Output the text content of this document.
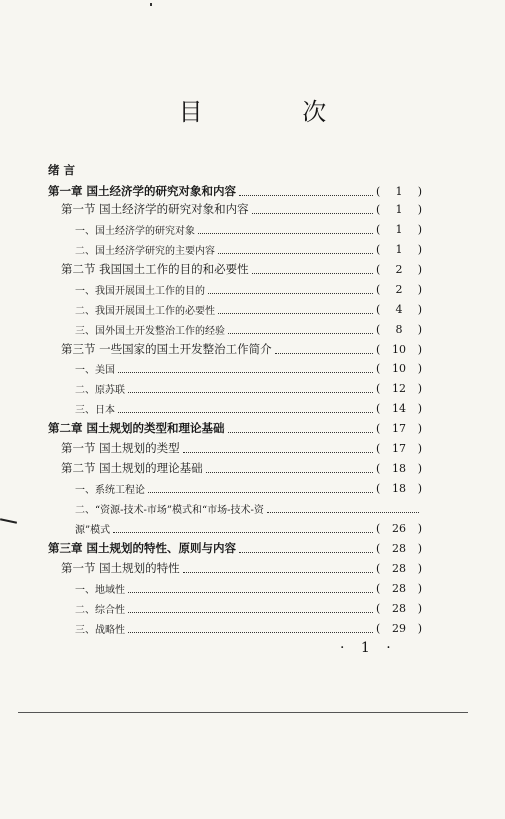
目 次
绪 言
第一章 国土经济学的研究对象和内容	(	1	)
第一节 国土经济学的研究对象和内容	(	1	)
一、国土经济学的研究对象	(	1	)
二、国土经济学研究的主要内容	(	1	)
第二节 我国国土工作的目的和必要性	(	2	)
一、我国开展国土工作的目的	(	2	)
二、我国开展国土工作的必要性	(	4	)
三、国外国土开发整治工作的经验	(	8	)
第三节 一些国家的国土开发整治工作简介	(	10	)
一、美国	(	10	)
二、原苏联	(	12	)
三、日本	(	14	)
第二章 国土规划的类型和理论基础	(	17	)
第一节 国土规划的类型	(	17	)
第二节 国土规划的理论基础	(	18	)
一、系统工程论	(	18	)
二、“资源-技术-市场”模式和“市场-技术-资
源”模式	(	26	)
第三章 国土规划的特性、原则与内容	(	28	)
第一节 国土规划的特性	(	28	)
一、地域性	(	28	)
二、综合性	(	28	)
三、战略性	(	29	)
· 1 ·
